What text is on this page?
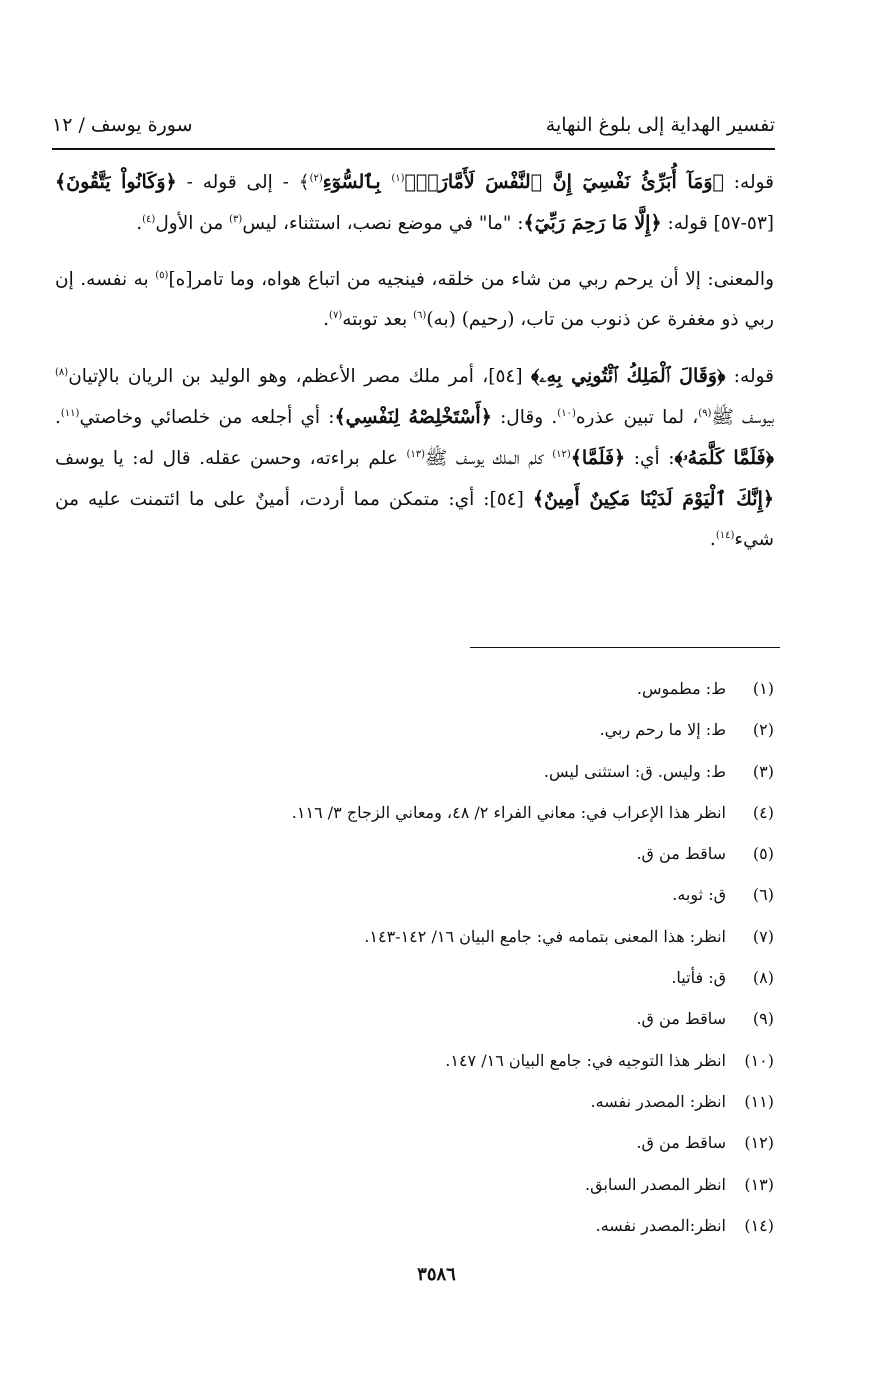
تفسير الهداية إلى بلوغ النهاية
سورة يوسف / ١٢

قوله: ﴿وَمَآ أُبَرِّئُ نَفْسِيٓ إِنَّ ٱلنَّفْسَ لَأَمَّارَةُۢ$^{(١)}$ بِٱلسُّوٓءِ$^{(٢)}$﴾ - إلى قوله - ﴿وَكَانُواْ يَتَّقُونَ﴾ [٥٣-٥٧] قوله: ﴿إِلَّا مَا رَحِمَ رَبِّيٓ﴾: "ما" في موضع نصب، استثناء، ليس$^{(٣)}$ من الأول$^{(٤)}$.

والمعنى: إلا أن يرحم ربي من شاء من خلقه، فينجيه من اتباع هواه، وما تامر[ه]$^{(٥)}$ به نفسه. إن ربي ذو مغفرة عن ذنوب من تاب، (رحيم) (به)$^{(٦)}$ بعد توبته$^{(٧)}$.

قوله: ﴿وَقَالَ ٱلْمَلِكُ ٱئْتُونِي بِهِۦ﴾ [٥٤]، أمر ملك مصر الأعظم، وهو الوليد بن الريان بالإتيان$^{(٨)}$ بيوسف ﷺ$^{(٩)}$، لما تبين عذره$^{(١٠)}$. وقال: ﴿أَسْتَخْلِصْهُ لِنَفْسِي﴾: أي أجلعه من خلصائي وخاصتي$^{(١١)}$. ﴿فَلَمَّا كَلَّمَهُۥ﴾: أي: ﴿فَلَمَّا﴾$^{(١٢)}$ كلم الملك يوسف ﷺ$^{(١٣)}$ علم براءته، وحسن عقله. قال له: يا يوسف ﴿إِنَّكَ ٱلْيَوْمَ لَدَيْنَا مَكِينٌ أَمِينٌ﴾ [٥٤]: أي: متمكن مما أردت، أمينٌ على ما ائتمنت عليه من شيء$^{(١٤)}$.

(١)ط: مطموس.
(٢)ط: إلا ما رحم ربي.
(٣)ط: وليس. ق: استثنى ليس.
(٤)انظر هذا الإعراب في: معاني الفراء ٢/ ٤٨، ومعاني الزجاج ٣/ ١١٦.
(٥)ساقط من ق.
(٦)ق: ثوبه.
(٧)انظر: هذا المعنى بتمامه في: جامع البيان ١٦/ ١٤٢-١٤٣.
(٨)ق: فأتيا.
(٩)ساقط من ق.
(١٠)انظر هذا التوجيه في: جامع البيان ١٦/ ١٤٧.
(١١)انظر: المصدر نفسه.
(١٢)ساقط من ق.
(١٣)انظر المصدر السابق.
(١٤)انظر:المصدر نفسه.
٣٥٨٦
